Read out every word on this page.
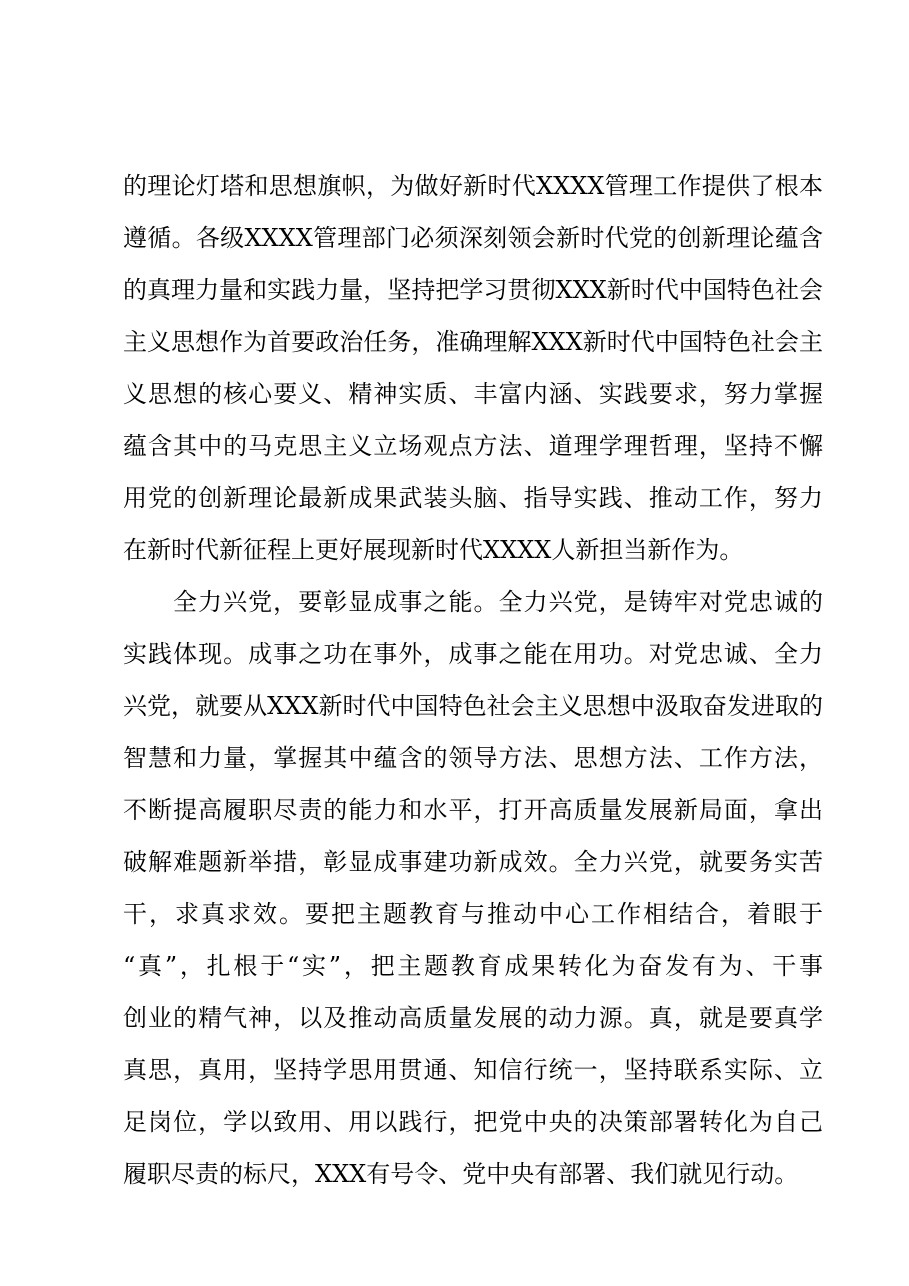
的理论灯塔和思想旗帜，为做好新时代XXXX管理工作提供了根本
遵循。各级XXXX管理部门必须深刻领会新时代党的创新理论蕴含
的真理力量和实践力量，坚持把学习贯彻XXX新时代中国特色社会
主义思想作为首要政治任务，准确理解XXX新时代中国特色社会主
义思想的核心要义、精神实质、丰富内涵、实践要求，努力掌握
蕴含其中的马克思主义立场观点方法、道理学理哲理，坚持不懈
用党的创新理论最新成果武装头脑、指导实践、推动工作，努力
在新时代新征程上更好展现新时代XXXX人新担当新作为。
全力兴党，要彰显成事之能。全力兴党，是铸牢对党忠诚的
实践体现。成事之功在事外，成事之能在用功。对党忠诚、全力
兴党，就要从XXX新时代中国特色社会主义思想中汲取奋发进取的
智慧和力量，掌握其中蕴含的领导方法、思想方法、工作方法，
不断提高履职尽责的能力和水平，打开高质量发展新局面，拿出
破解难题新举措，彰显成事建功新成效。全力兴党，就要务实苦
干，求真求效。要把主题教育与推动中心工作相结合，着眼于
“真”，扎根于“实”，把主题教育成果转化为奋发有为、干事
创业的精气神，以及推动高质量发展的动力源。真，就是要真学
真思，真用，坚持学思用贯通、知信行统一，坚持联系实际、立
足岗位，学以致用、用以践行，把党中央的决策部署转化为自己
履职尽责的标尺，XXX有号令、党中央有部署、我们就见行动。
